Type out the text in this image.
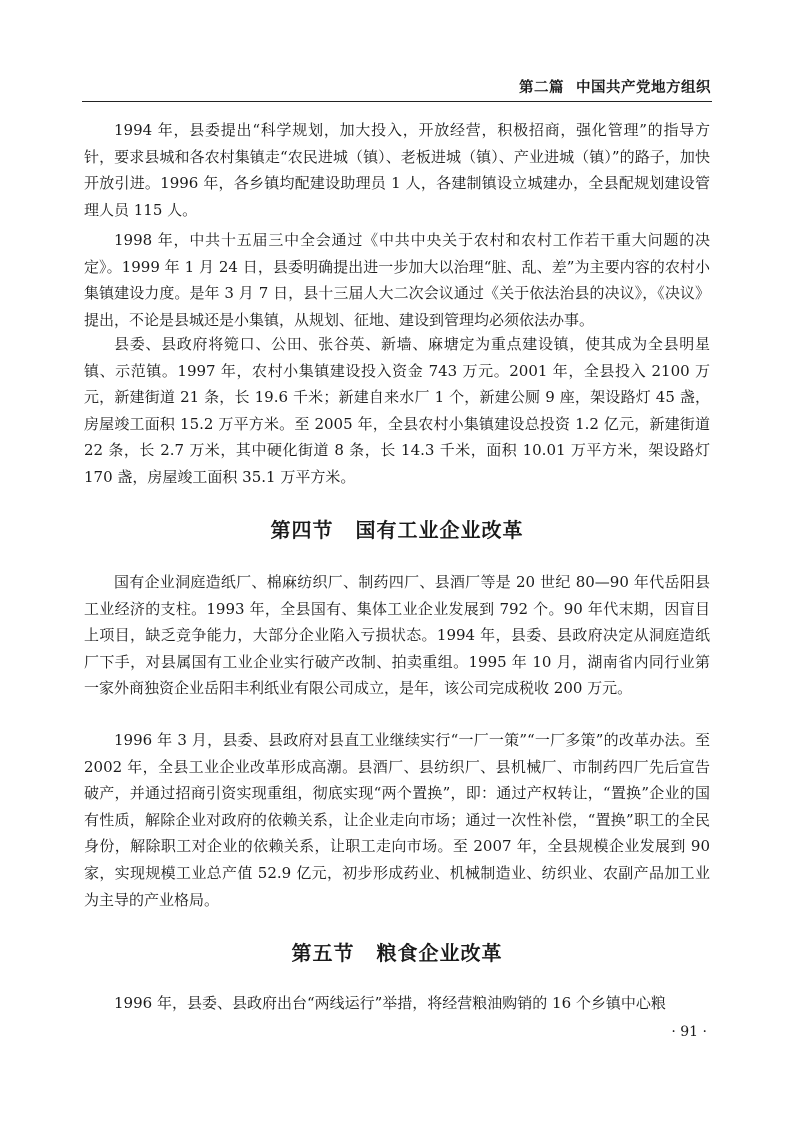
第二篇 中国共产党地方组织

1994 年，县委提出“科学规划，加大投入，开放经营，积极招商，强化管理”的指导方针，要求县城和各农村集镇走“农民进城（镇）、老板进城（镇）、产业进城（镇）”的路子，加快开放引进。1996 年，各乡镇均配建设助理员 1 人，各建制镇设立城建办，全县配规划建设管理人员 115 人。

1998 年，中共十五届三中全会通过《中共中央关于农村和农村工作若干重大问题的决定》。1999 年 1 月 24 日，县委明确提出进一步加大以治理“脏、乱、差”为主要内容的农村小集镇建设力度。是年 3 月 7 日，县十三届人大二次会议通过《关于依法治县的决议》，《决议》提出，不论是县城还是小集镇，从规划、征地、建设到管理均必须依法办事。

县委、县政府将箢口、公田、张谷英、新墙、麻塘定为重点建设镇，使其成为全县明星镇、示范镇。1997 年，农村小集镇建设投入资金 743 万元。2001 年，全县投入 2100 万元，新建街道 21 条，长 19.6 千米；新建自来水厂 1 个，新建公厕 9 座，架设路灯 45 盏，房屋竣工面积 15.2 万平方米。至 2005 年，全县农村小集镇建设总投资 1.2 亿元，新建街道 22 条，长 2.7 万米，其中硬化街道 8 条，长 14.3 千米，面积 10.01 万平方米，架设路灯 170 盏，房屋竣工面积 35.1 万平方米。

第四节 国有工业企业改革

国有企业洞庭造纸厂、棉麻纺织厂、制药四厂、县酒厂等是 20 世纪 80—90 年代岳阳县工业经济的支柱。1993 年，全县国有、集体工业企业发展到 792 个。90 年代末期，因盲目上项目，缺乏竞争能力，大部分企业陷入亏损状态。1994 年，县委、县政府决定从洞庭造纸厂下手，对县属国有工业企业实行破产改制、拍卖重组。1995 年 10 月，湖南省内同行业第一家外商独资企业岳阳丰利纸业有限公司成立，是年，该公司完成税收 200 万元。

1996 年 3 月，县委、县政府对县直工业继续实行“一厂一策”“一厂多策”的改革办法。至 2002 年，全县工业企业改革形成高潮。县酒厂、县纺织厂、县机械厂、市制药四厂先后宣告破产，并通过招商引资实现重组，彻底实现“两个置换”，即：通过产权转让，“置换”企业的国有性质，解除企业对政府的依赖关系，让企业走向市场；通过一次性补偿，“置换”职工的全民身份，解除职工对企业的依赖关系，让职工走向市场。至 2007 年，全县规模企业发展到 90 家，实现规模工业总产值 52.9 亿元，初步形成药业、机械制造业、纺织业、农副产品加工业为主导的产业格局。

第五节 粮食企业改革

1996 年，县委、县政府出台“两线运行”举措，将经营粮油购销的 16 个乡镇中心粮

· 91 ·
